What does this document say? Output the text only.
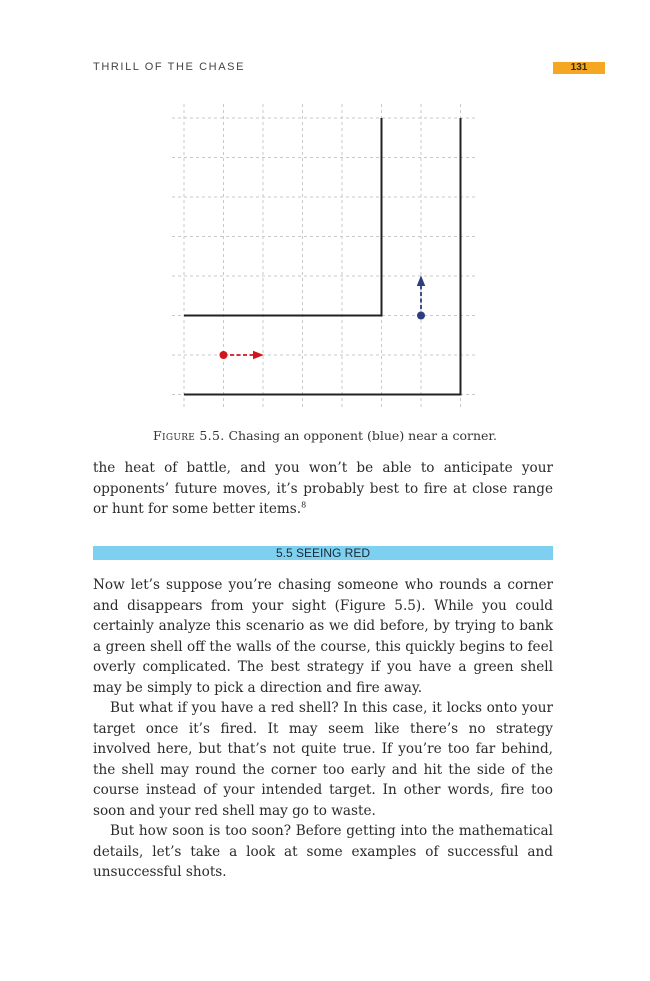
THRILL OF THE CHASE	131
Figure 5.5. Chasing an opponent (blue) near a corner.

the heat of battle, and you won’t be able to anticipate your opponents’ future moves, it’s probably best to fire at close range or hunt for some better items.$^8$

5.5 SEEING RED

Now let’s suppose you’re chasing someone who rounds a corner and disappears from your sight (Figure 5.5). While you could certainly analyze this scenario as we did before, by trying to bank a green shell off the walls of the course, this quickly begins to feel overly complicated. The best strategy if you have a green shell may be simply to pick a direction and fire away.

But what if you have a red shell? In this case, it locks onto your target once it’s fired. It may seem like there’s no strategy involved here, but that’s not quite true. If you’re too far behind, the shell may round the corner too early and hit the side of the course instead of your intended target. In other words, fire too soon and your red shell may go to waste.

But how soon is too soon? Before getting into the mathematical details, let’s take a look at some examples of successful and unsuccessful shots.
